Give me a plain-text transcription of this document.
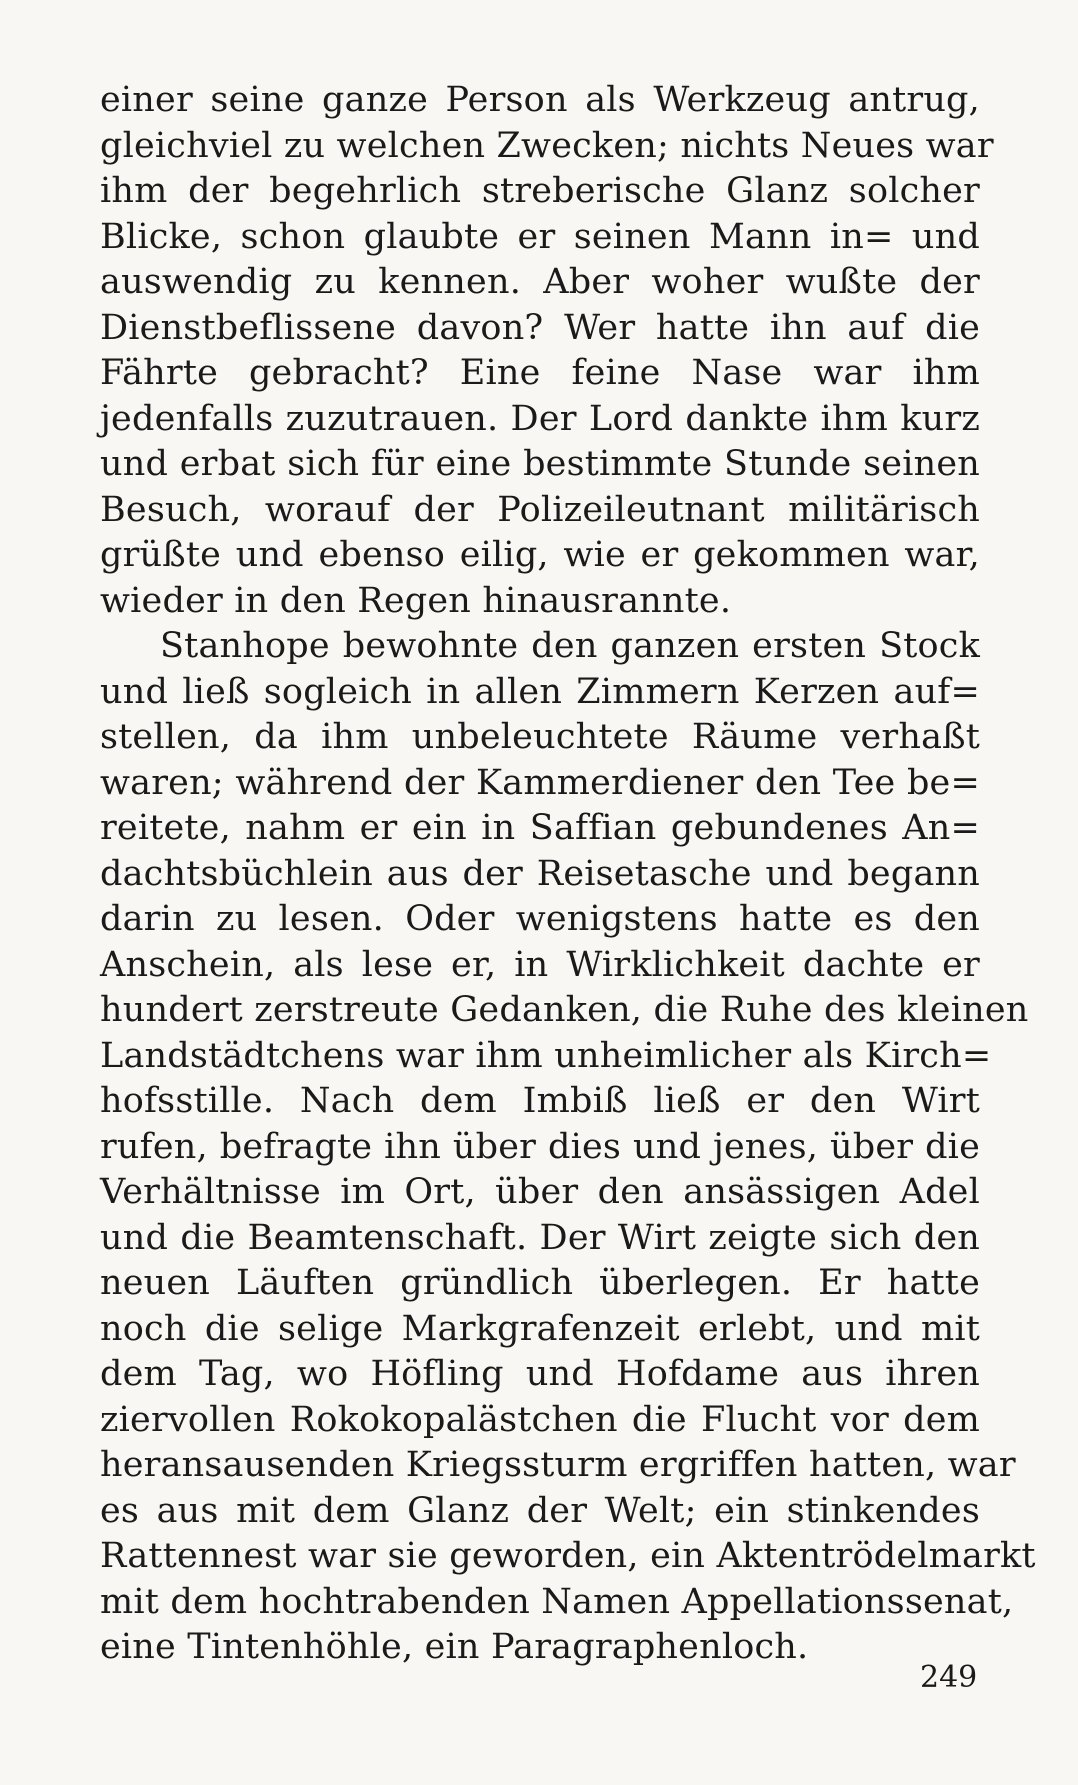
einer seine ganze Person als Werkzeug antrug,
gleichviel zu welchen Zwecken; nichts Neues war
ihm der begehrlich streberische Glanz solcher
Blicke, schon glaubte er seinen Mann in= und
auswendig zu kennen. Aber woher wußte der
Dienstbeflissene davon? Wer hatte ihn auf die
Fährte gebracht? Eine feine Nase war ihm
jedenfalls zuzutrauen. Der Lord dankte ihm kurz
und erbat sich für eine bestimmte Stunde seinen
Besuch, worauf der Polizeileutnant militärisch
grüßte und ebenso eilig, wie er gekommen war,
wieder in den Regen hinausrannte.
Stanhope bewohnte den ganzen ersten Stock
und ließ sogleich in allen Zimmern Kerzen auf=
stellen, da ihm unbeleuchtete Räume verhaßt
waren; während der Kammerdiener den Tee be=
reitete, nahm er ein in Saffian gebundenes An=
dachtsbüchlein aus der Reisetasche und begann
darin zu lesen. Oder wenigstens hatte es den
Anschein, als lese er, in Wirklichkeit dachte er
hundert zerstreute Gedanken, die Ruhe des kleinen
Landstädtchens war ihm unheimlicher als Kirch=
hofsstille. Nach dem Imbiß ließ er den Wirt
rufen, befragte ihn über dies und jenes, über die
Verhältnisse im Ort, über den ansässigen Adel
und die Beamtenschaft. Der Wirt zeigte sich den
neuen Läuften gründlich überlegen. Er hatte
noch die selige Markgrafenzeit erlebt, und mit
dem Tag, wo Höfling und Hofdame aus ihren
ziervollen Rokokopalästchen die Flucht vor dem
heransausenden Kriegssturm ergriffen hatten, war
es aus mit dem Glanz der Welt; ein stinkendes
Rattennest war sie geworden, ein Aktentrödelmarkt
mit dem hochtrabenden Namen Appellationssenat,
eine Tintenhöhle, ein Paragraphenloch.
249
